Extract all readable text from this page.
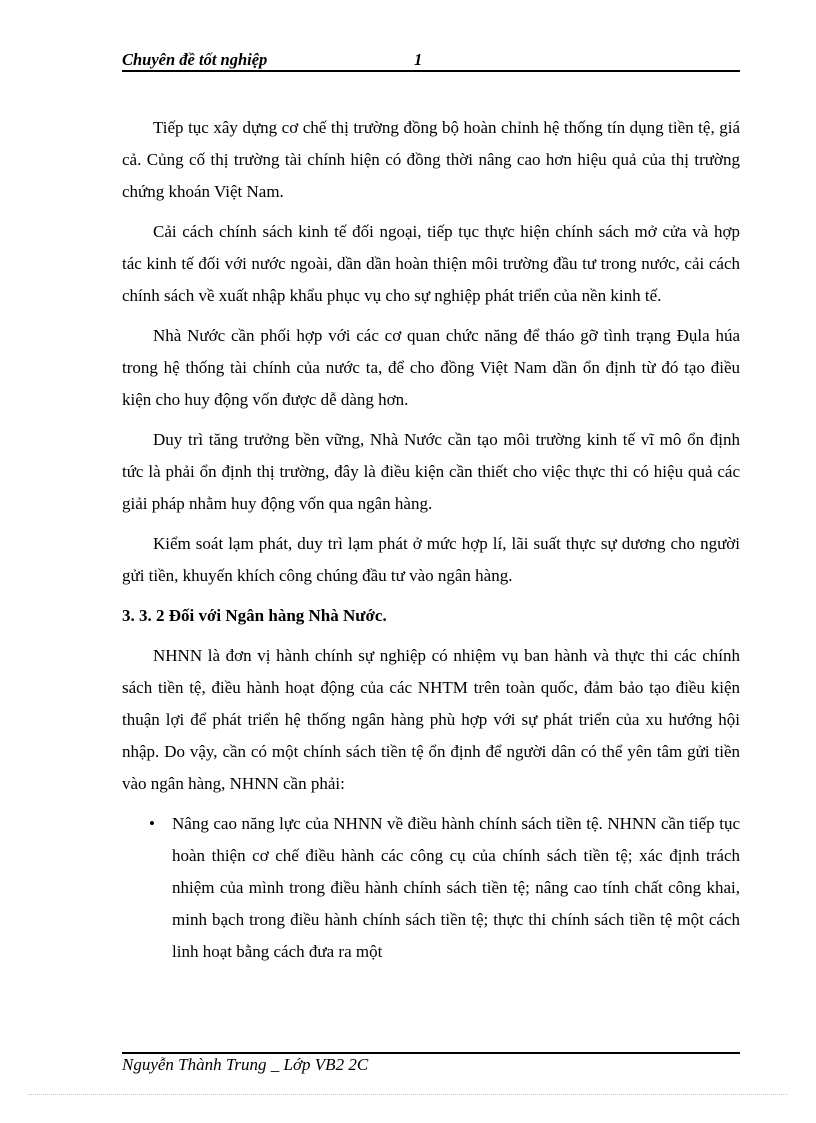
Chuyên đề tốt nghiệp	1

Tiếp tục xây dựng cơ chế thị trường đồng bộ hoàn chỉnh hệ thống tín dụng tiền tệ, giá cả. Củng cố thị trường tài chính hiện có đồng thời nâng cao hơn hiệu quả của thị trường chứng khoán Việt Nam.

Cải cách chính sách kinh tế đối ngoại, tiếp tục thực hiện chính sách mở cửa và hợp tác kinh tế đối với nước ngoài, dần dần hoàn thiện môi trường đầu tư trong nước, cải cách chính sách về xuất nhập khẩu phục vụ cho sự nghiệp phát triển của nền kinh tế.

Nhà Nước cần phối hợp với các cơ quan chức năng để tháo gỡ tình trạng Đụla húa trong hệ thống tài chính của nước ta, để cho đồng Việt Nam dần ổn định từ đó tạo điều kiện cho huy động vốn được dễ dàng hơn.

Duy trì tăng trưởng bền vững, Nhà Nước cần tạo môi trường kinh tế vĩ mô ổn định tức là phải ổn định thị trường, đây là điều kiện cần thiết cho việc thực thi có hiệu quả các giải pháp nhằm huy động vốn qua ngân hàng.

Kiểm soát lạm phát, duy trì lạm phát ở mức hợp lí, lãi suất thực sự dương cho người gửi tiền, khuyến khích công chúng đầu tư vào ngân hàng.

3. 3. 2 Đối với Ngân hàng Nhà Nước.

NHNN là đơn vị hành chính sự nghiệp có nhiệm vụ ban hành và thực thi các chính sách tiền tệ, điều hành hoạt động của các NHTM trên toàn quốc, đảm bảo tạo điều kiện thuận lợi để phát triển hệ thống ngân hàng phù hợp với sự phát triển của xu hướng hội nhập. Do vậy, cần có một chính sách tiền tệ ổn định để người dân có thể yên tâm gửi tiền vào ngân hàng, NHNN cần phải:

• Nâng cao năng lực của NHNN về điều hành chính sách tiền tệ. NHNN cần tiếp tục hoàn thiện cơ chế điều hành các công cụ của chính sách tiền tệ; xác định trách nhiệm của mình trong điều hành chính sách tiền tệ; nâng cao tính chất công khai, minh bạch trong điều hành chính sách tiền tệ; thực thi chính sách tiền tệ một cách linh hoạt bằng cách đưa ra một
Nguyễn Thành Trung _ Lớp VB2 2C
